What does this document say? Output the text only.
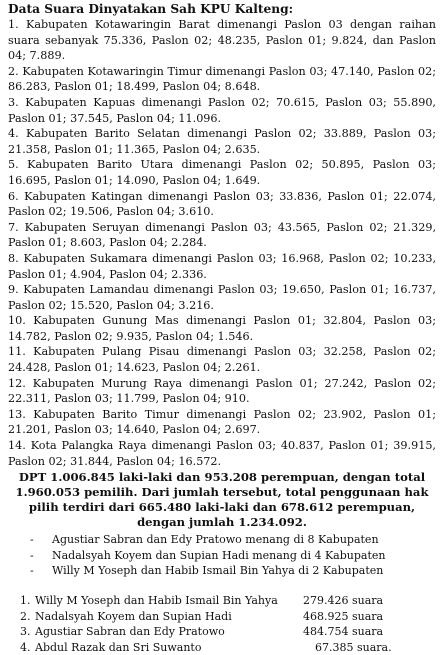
Data Suara Dinyatakan Sah KPU Kalteng:

1. Kabupaten Kotawaringin Barat dimenangi Paslon 03 dengan raihan suara sebanyak 75.336, Paslon 02; 48.235, Paslon 01; 9.824, dan Paslon 04; 7.889.

2. Kabupaten Kotawaringin Timur dimenangi Paslon 03; 47.140, Paslon 02; 86.283, Paslon 01; 18.499, Paslon 04; 8.648.

3. Kabupaten Kapuas dimenangi Paslon 02; 70.615, Paslon 03; 55.890, Paslon 01; 37.545, Paslon 04; 11.096.

4. Kabupaten Barito Selatan dimenangi Paslon 02; 33.889, Paslon 03; 21.358, Paslon 01; 11.365, Paslon 04; 2.635.

5. Kabupaten Barito Utara dimenangi Paslon 02; 50.895, Paslon 03; 16.695, Paslon 01; 14.090, Paslon 04; 1.649.

6. Kabupaten Katingan dimenangi Paslon 03; 33.836, Paslon 01; 22.074, Paslon 02; 19.506, Paslon 04; 3.610.

7. Kabupaten Seruyan dimenangi Paslon 03; 43.565, Paslon 02; 21.329, Paslon 01; 8.603, Paslon 04; 2.284.

8. Kabupaten Sukamara dimenangi Paslon 03; 16.968, Paslon 02; 10.233, Paslon 01; 4.904, Paslon 04; 2.336.

9. Kabupaten Lamandau dimenangi Paslon 03; 19.650, Paslon 01; 16.737, Paslon 02; 15.520, Paslon 04; 3.216.

10. Kabupaten Gunung Mas dimenangi Paslon 01; 32.804, Paslon 03; 14.782, Paslon 02; 9.935, Paslon 04; 1.546.

11. Kabupaten Pulang Pisau dimenangi Paslon 03; 32.258, Paslon 02; 24.428, Paslon 01; 14.623, Paslon 04; 2.261.

12. Kabupaten Murung Raya dimenangi Paslon 01; 27.242, Paslon 02; 22.311, Paslon 03; 11.799, Paslon 04; 910.

13. Kabupaten Barito Timur dimenangi Paslon 02; 23.902, Paslon 01; 21.201, Paslon 03; 14.640, Paslon 04; 2.697.

14. Kota Palangka Raya dimenangi Paslon 03; 40.837, Paslon 01; 39.915, Paslon 02; 31.844, Paslon 04; 16.572.

DPT 1.006.845 laki-laki dan 953.208 perempuan, dengan total 1.960.053 pemilih. Dari jumlah tersebut, total penggunaan hak pilih terdiri dari 665.480 laki-laki dan 678.612 perempuan, dengan jumlah 1.234.092.

- Agustiar Sabran dan Edy Pratowo menang di 8 Kabupaten
- Nadalsyah Koyem dan Supian Hadi menang di 4 Kabupaten
- Willy M Yoseph dan Habib Ismail Bin Yahya di 2 Kabupaten
1. Willy M Yoseph dan Habib Ismail Bin Yahya	279.426 suara
2. Nadalsyah Koyem dan Supian Hadi	468.925 suara
3. Agustiar Sabran dan Edy Pratowo	484.754 suara
4. Abdul Razak dan Sri Suwanto	67.385 suara.
